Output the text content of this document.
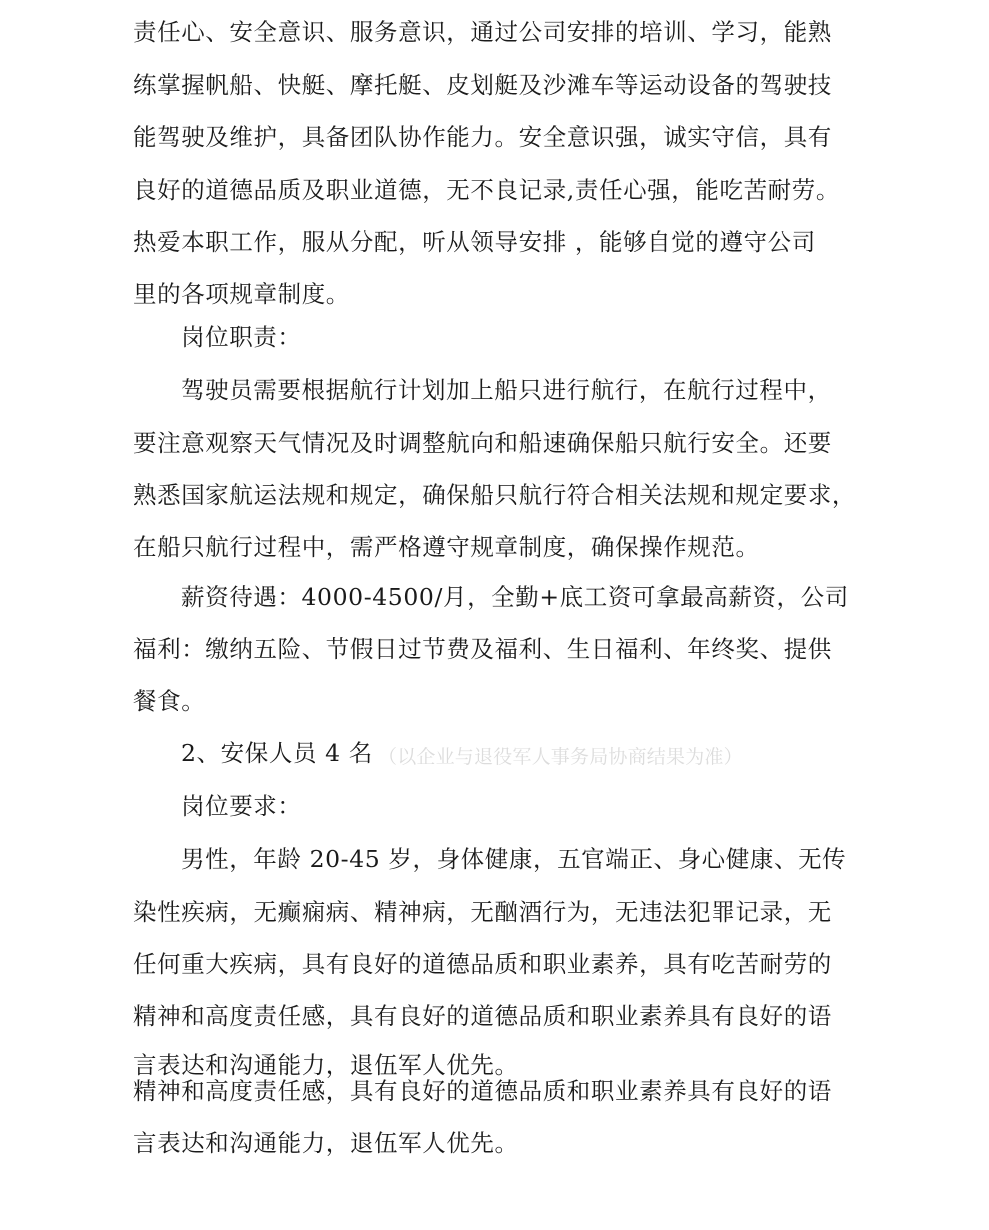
责任心、安全意识、服务意识，通过公司安排的培训、学习，能熟
练掌握帆船、快艇、摩托艇、皮划艇及沙滩车等运动设备的驾驶技
能驾驶及维护，具备团队协作能力。安全意识强，诚实守信，具有
良好的道德品质及职业道德，无不良记录,责任心强，能吃苦耐劳。
热爱本职工作，服从分配，听从领导安排 ，能够自觉的遵守公司
里的各项规章制度。
岗位职责：
驾驶员需要根据航行计划加上船只进行航行，在航行过程中，
要注意观察天气情况及时调整航向和船速确保船只航行安全。还要
熟悉国家航运法规和规定，确保船只航行符合相关法规和规定要求，
在船只航行过程中，需严格遵守规章制度，确保操作规范。
薪资待遇：4000-4500/月，全勤+底工资可拿最高薪资，公司
福利：缴纳五险、节假日过节费及福利、生日福利、年终奖、提供
餐食。
2、安保人员 4 名 （以企业与退役军人事务局协商结果为准）
岗位要求：
男性，年龄 20-45 岁，身体健康，五官端正、身心健康、无传
染性疾病，无癫痫病、精神病，无酗酒行为，无违法犯罪记录，无
任何重大疾病，具有良好的道德品质和职业素养，具有吃苦耐劳的
精神和高度责任感，具有良好的道德品质和职业素养具有良好的语
言表达和沟通能力，退伍军人优先。
精神和高度责任感，具有良好的道德品质和职业素养具有良好的语
言表达和沟通能力，退伍军人优先。
